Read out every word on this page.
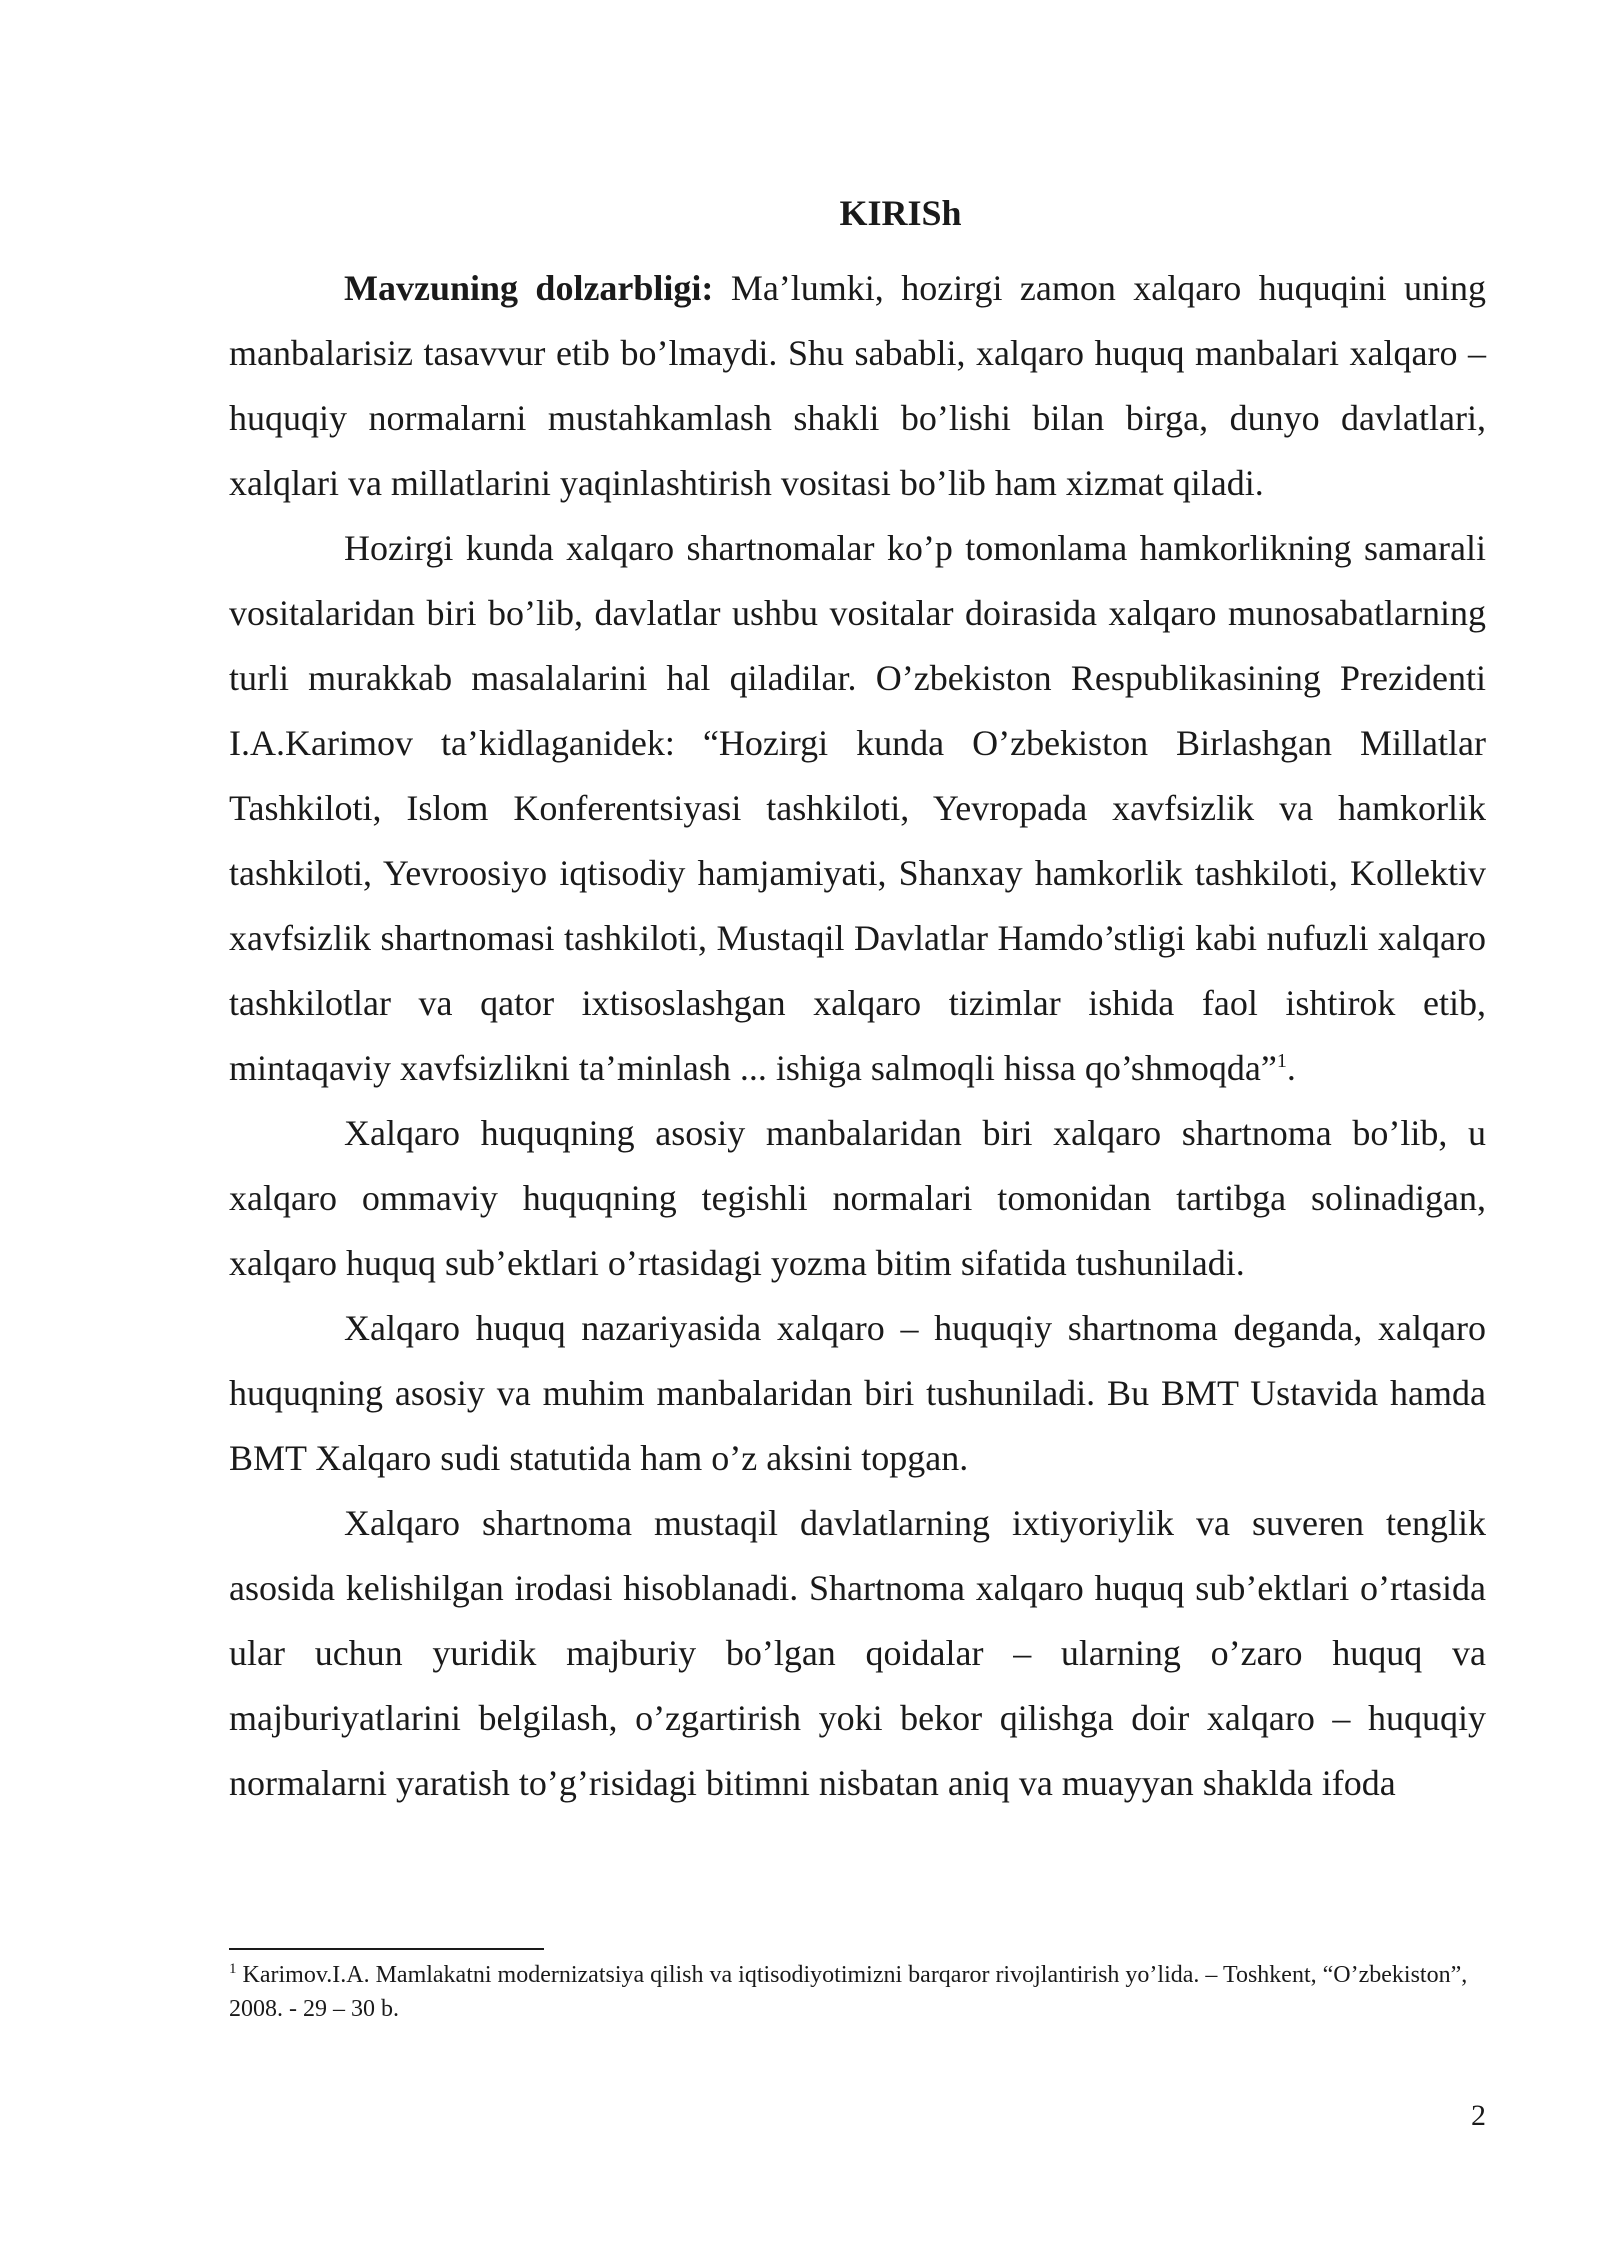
KIRISh

Mavzuning dolzarbligi: Ma’lumki, hozirgi zamon xalqaro huquqini uning manbalarisiz tasavvur etib bo’lmaydi. Shu sababli, xalqaro huquq manbalari xalqaro – huquqiy normalarni mustahkamlash shakli bo’lishi bilan birga, dunyo davlatlari, xalqlari va millatlarini yaqinlashtirish vositasi bo’lib ham xizmat qiladi.

Hozirgi kunda xalqaro shartnomalar ko’p tomonlama hamkorlikning samarali vositalaridan biri bo’lib, davlatlar ushbu vositalar doirasida xalqaro munosabatlarning turli murakkab masalalarini hal qiladilar. O’zbekiston Respublikasining Prezidenti I.A.Karimov ta’kidlaganidek: “Hozirgi kunda O’zbekiston Birlashgan Millatlar Tashkiloti, Islom Konferentsiyasi tashkiloti, Yevropada xavfsizlik va hamkorlik tashkiloti, Yevroosiyo iqtisodiy hamjamiyati, Shanxay hamkorlik tashkiloti, Kollektiv xavfsizlik shartnomasi tashkiloti, Mustaqil Davlatlar Hamdo’stligi kabi nufuzli xalqaro tashkilotlar va qator ixtisoslashgan xalqaro tizimlar ishida faol ishtirok etib, mintaqaviy xavfsizlikni ta’minlash ... ishiga salmoqli hissa qo’shmoqda”$^1$.

Xalqaro huquqning asosiy manbalaridan biri xalqaro shartnoma bo’lib, u xalqaro ommaviy huquqning tegishli normalari tomonidan tartibga solinadigan, xalqaro huquq sub’ektlari o’rtasidagi yozma bitim sifatida tushuniladi.

Xalqaro huquq nazariyasida xalqaro – huquqiy shartnoma deganda, xalqaro huquqning asosiy va muhim manbalaridan biri tushuniladi. Bu BMT Ustavida hamda BMT Xalqaro sudi statutida ham o’z aksini topgan.

Xalqaro shartnoma mustaqil davlatlarning ixtiyoriylik va suveren tenglik asosida kelishilgan irodasi hisoblanadi. Shartnoma xalqaro huquq sub’ektlari o’rtasida ular uchun yuridik majburiy bo’lgan qoidalar – ularning o’zaro huquq va majburiyatlarini belgilash, o’zgartirish yoki bekor qilishga doir xalqaro – huquqiy normalarni yaratish to’g’risidagi bitimni nisbatan aniq va muayyan shaklda ifoda

$^1$ Karimov.I.A. Mamlakatni modernizatsiya qilish va iqtisodiyotimizni barqaror rivojlantirish yo’lida. – Toshkent, “O’zbekiston”, 2008. - 29 – 30 b.
2
